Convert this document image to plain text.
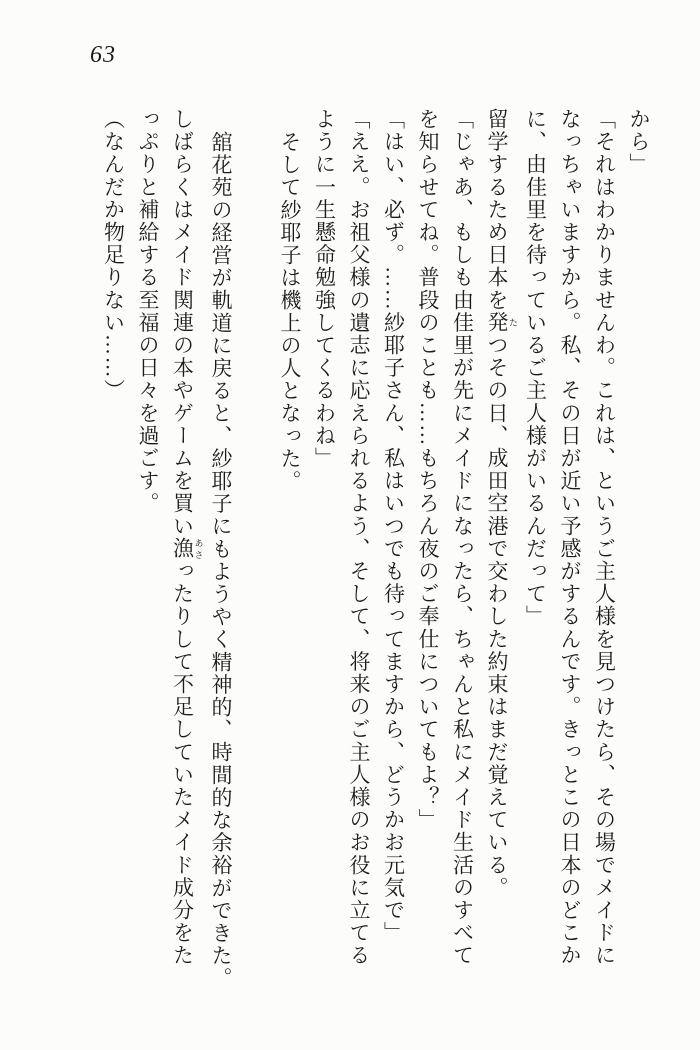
63
から」
「それはわかりませんわ。これは、というご主人様を見つけたら、その場でメイドに
なっちゃいますから。私、その日が近い予感がするんです。きっとこの日本のどこか
に、由佳里を待っているご主人様がいるんだって」
留学するため日本を発 たつその日、成田空港で交わした約束はまだ覚えている。
「じゃあ、もしも由佳里が先にメイドになったら、ちゃんと私にメイド生活のすべて
を知らせてね。普段のことも……もちろん夜のご奉仕についてもよ？」
「はい、必ず。……紗耶子さん、私はいつでも待ってますから、どうかお元気で」
「ええ。お祖父様の遺志に応えられるよう、そして、将来のご主人様のお役に立てる
ように一生懸命勉強してくるわね」
そして紗耶子は機上の人となった。
舘花苑の経営が軌道に戻ると、紗耶子にもようやく精神的、時間的な余裕ができた。
しばらくはメイド関連の本やゲームを買い漁 あさったりして不足していたメイド成分をた
っぷりと補給する至福の日々を過ごす。
（なんだか物足りない……）
